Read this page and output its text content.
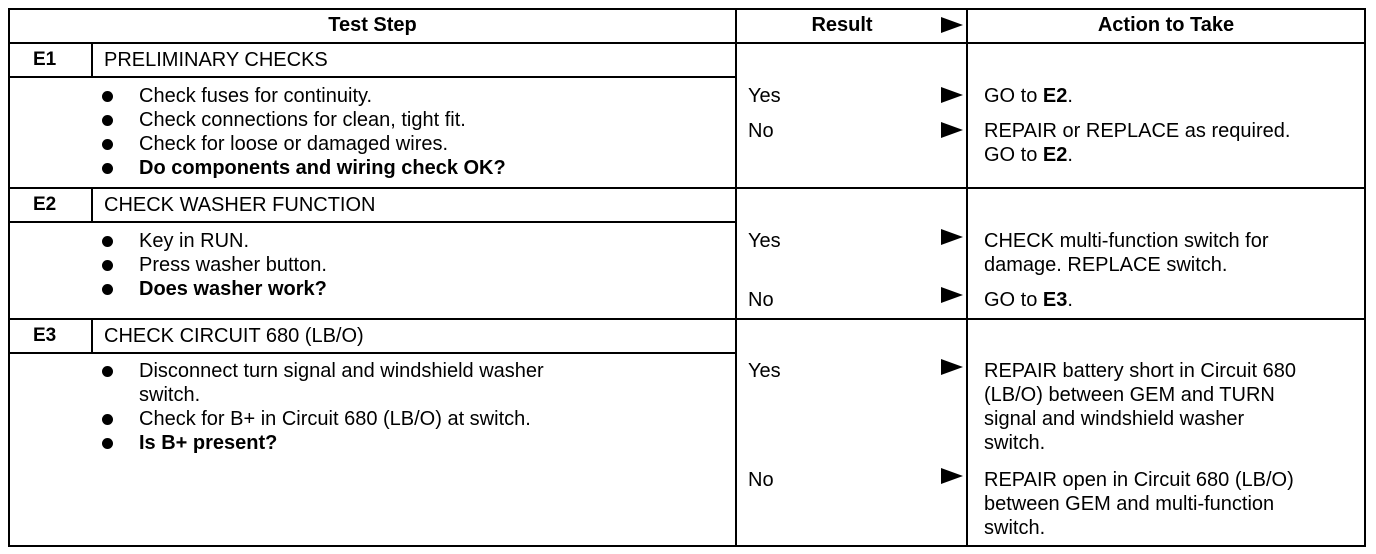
Test Step	Result	Action to Take
E1 PRELIMINARY CHECKS
Check fuses for continuity.
Check connections for clean, tight fit.
Check for loose or damaged wires.
Do components and wiring check OK?
Yes	GO to E2.
No	REPAIR or REPLACE as required.
GO to E2.
E2 CHECK WASHER FUNCTION
Key in RUN.
Press washer button.
Does washer work?
Yes	CHECK multi-function switch for
damage. REPLACE switch.
No	GO to E3.
E3 CHECK CIRCUIT 680 (LB/O)
Disconnect turn signal and windshield washer
switch.
Check for B+ in Circuit 680 (LB/O) at switch.
Is B+ present?
Yes	REPAIR battery short in Circuit 680
(LB/O) between GEM and TURN
signal and windshield washer
switch.
No	REPAIR open in Circuit 680 (LB/O)
between GEM and multi-function
switch.
